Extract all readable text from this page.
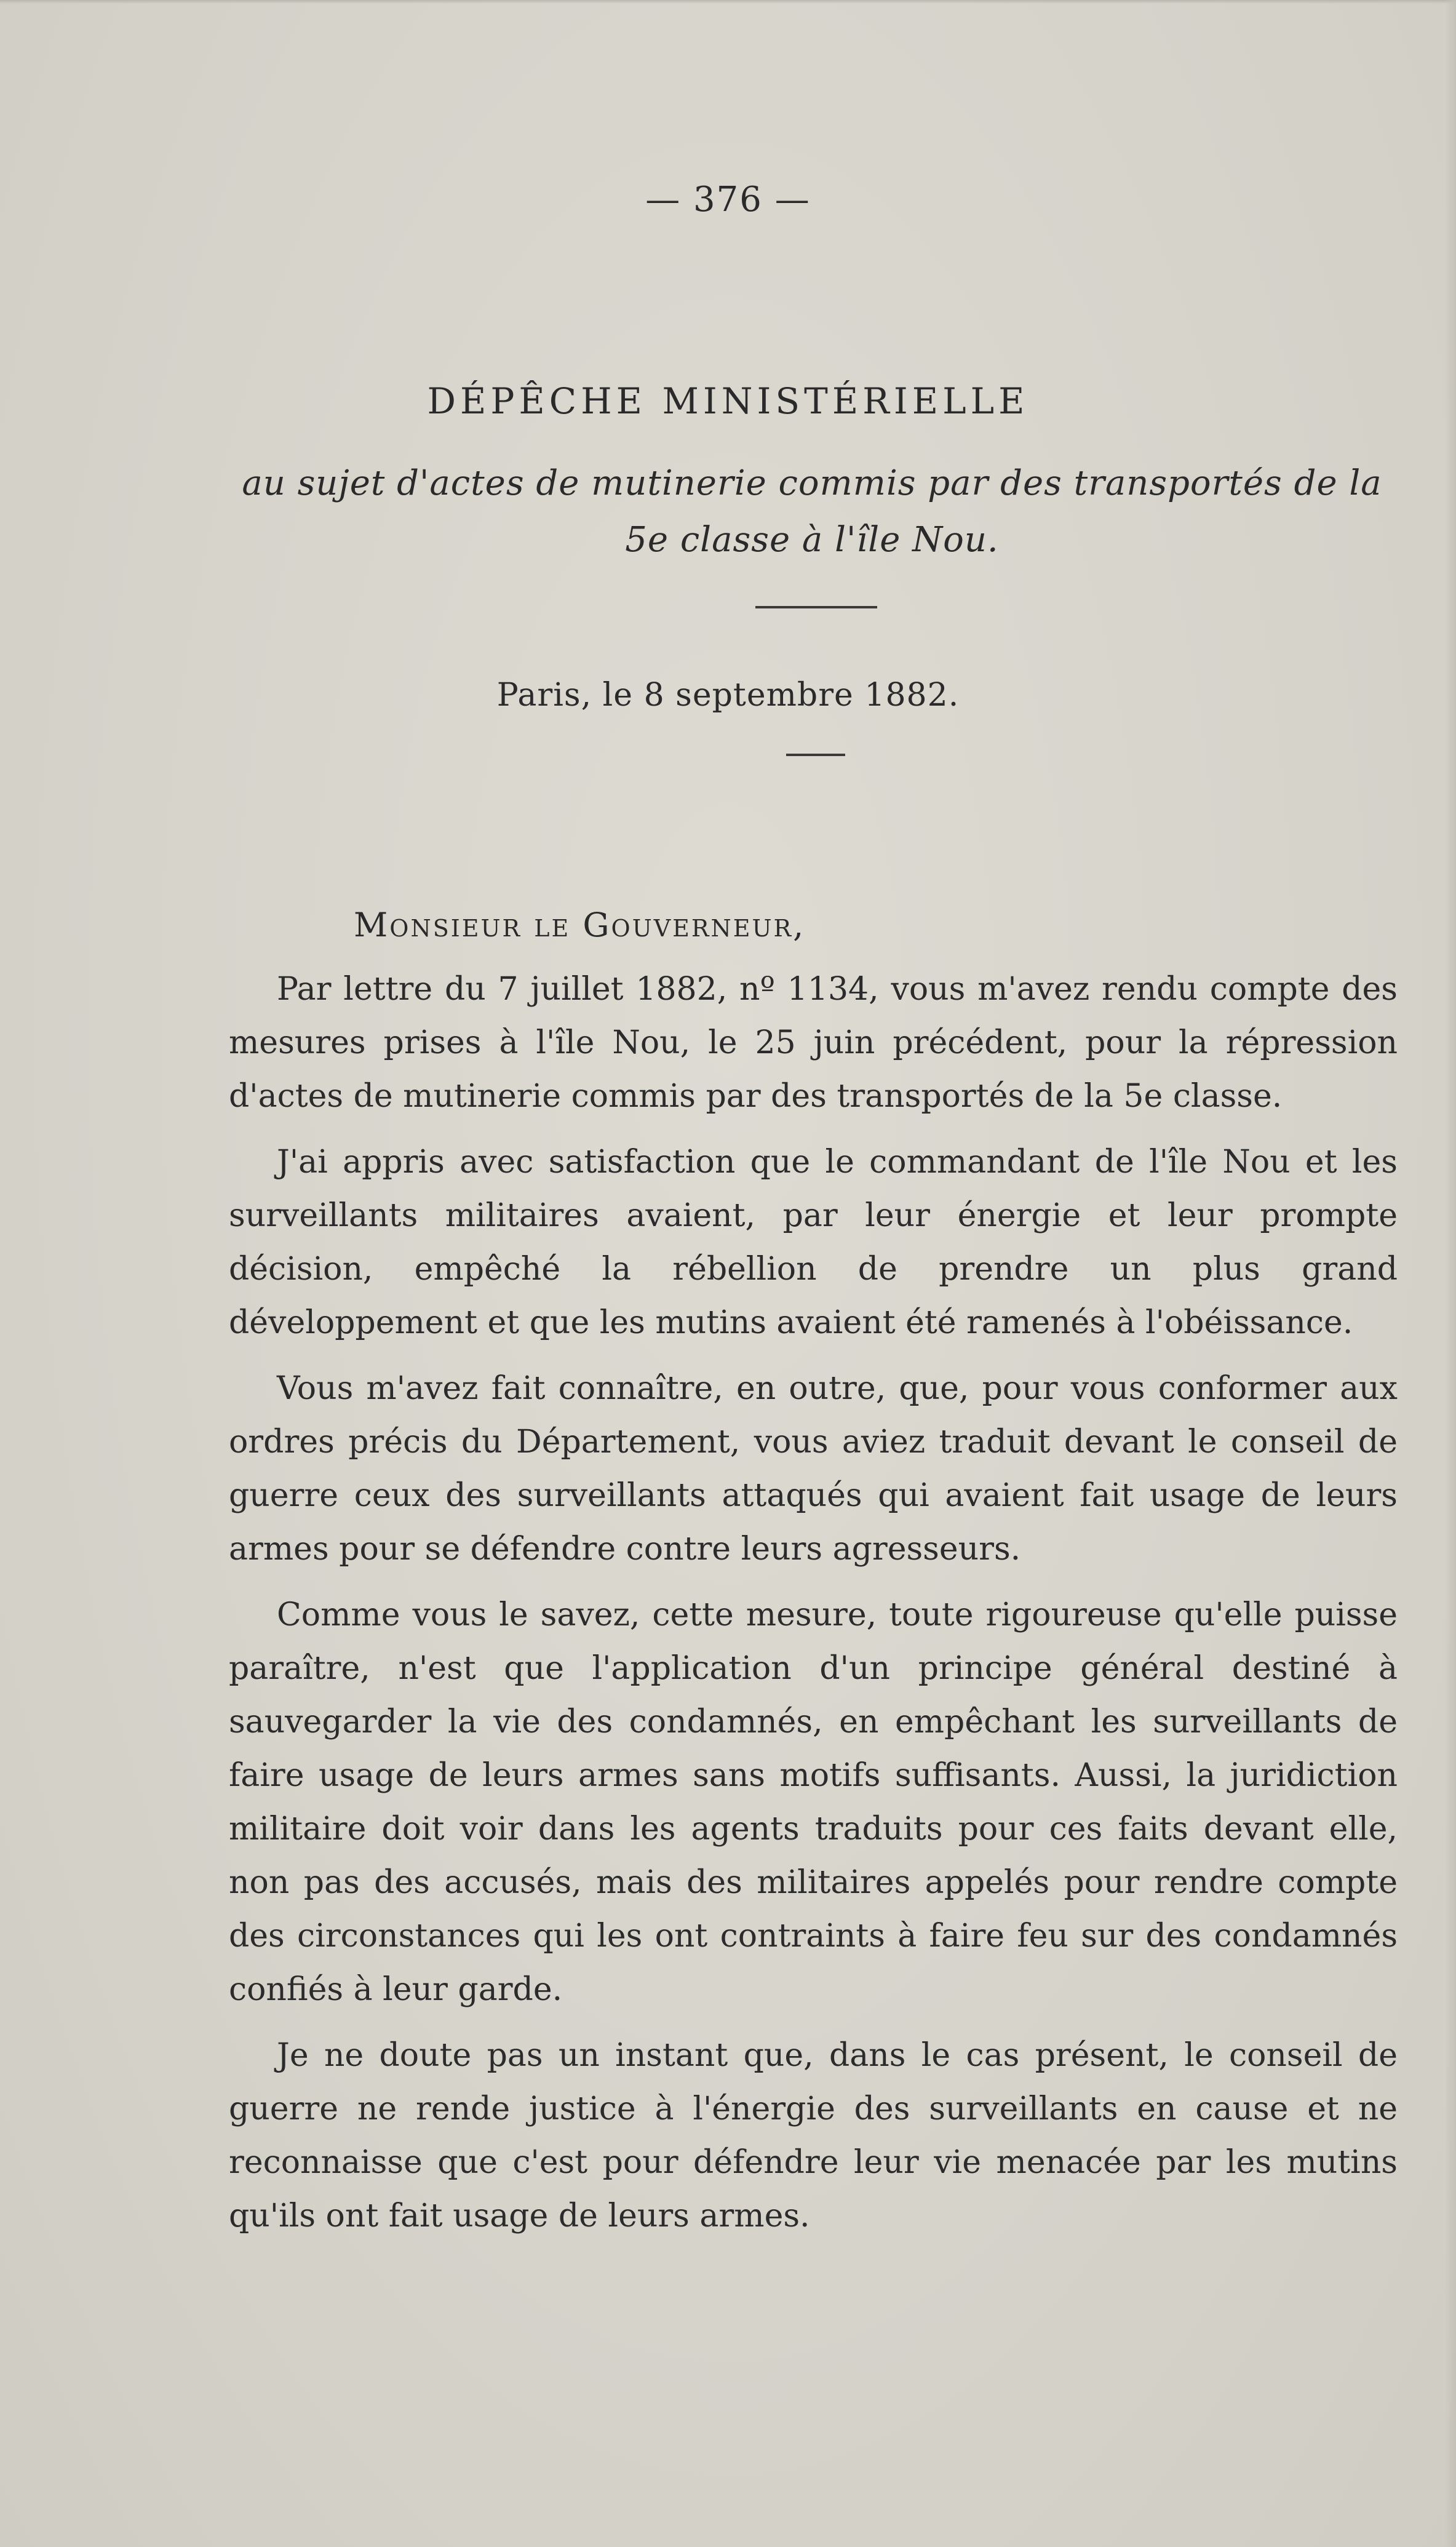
— 376 —
DÉPÊCHE MINISTÉRIELLE
au sujet d'actes de mutinerie commis par des transportés de la 5e classe à l'île Nou.
Paris, le 8 septembre 1882.
Monsieur le Gouverneur,

Par lettre du 7 juillet 1882, nº 1134, vous m'avez rendu compte des mesures prises à l'île Nou, le 25 juin précédent, pour la répression d'actes de mutinerie commis par des transportés de la 5e classe.

J'ai appris avec satisfaction que le commandant de l'île Nou et les surveillants militaires avaient, par leur énergie et leur prompte décision, empêché la rébellion de prendre un plus grand développement et que les mutins avaient été ramenés à l'obéissance.

Vous m'avez fait connaître, en outre, que, pour vous conformer aux ordres précis du Département, vous aviez traduit devant le conseil de guerre ceux des surveillants attaqués qui avaient fait usage de leurs armes pour se défendre contre leurs agresseurs.

Comme vous le savez, cette mesure, toute rigoureuse qu'elle puisse paraître, n'est que l'application d'un principe général destiné à sauvegarder la vie des condamnés, en empêchant les surveillants de faire usage de leurs armes sans motifs suffisants. Aussi, la juridiction militaire doit voir dans les agents traduits pour ces faits devant elle, non pas des accusés, mais des militaires appelés pour rendre compte des circonstances qui les ont contraints à faire feu sur des condamnés confiés à leur garde.

Je ne doute pas un instant que, dans le cas présent, le conseil de guerre ne rende justice à l'énergie des surveillants en cause et ne reconnaisse que c'est pour défendre leur vie menacée par les mutins qu'ils ont fait usage de leurs armes.
